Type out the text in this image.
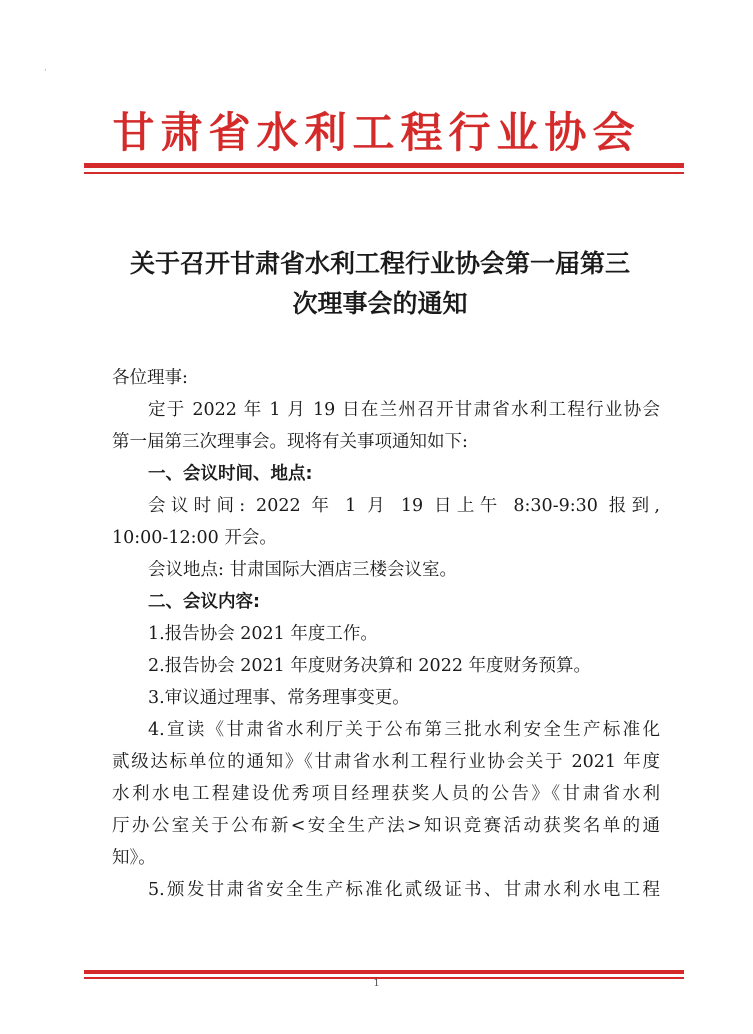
·
甘肃省水利工程行业协会
关于召开甘肃省水利工程行业协会第一届第三
次理事会的通知

各位理事:

定于 2022 年 1 月 19 日在兰州召开甘肃省水利工程行业协会

第一届第三次理事会。现将有关事项通知如下:

一、会议时间、地点:

会议时间: 2022 年 1 月 19 日上午 8:30-9:30 报到,

10:00-12:00 开会。

会议地点: 甘肃国际大酒店三楼会议室。

二、会议内容:

1.报告协会 2021 年度工作。

2.报告协会 2021 年度财务决算和 2022 年度财务预算。

3.审议通过理事、常务理事变更。

4.宣读《甘肃省水利厅关于公布第三批水利安全生产标准化

贰级达标单位的通知》《甘肃省水利工程行业协会关于 2021 年度

水利水电工程建设优秀项目经理获奖人员的公告》《甘肃省水利

厅办公室关于公布新<安全生产法>知识竞赛活动获奖名单的通

知》。

5.颁发甘肃省安全生产标准化贰级证书、甘肃水利水电工程

1
